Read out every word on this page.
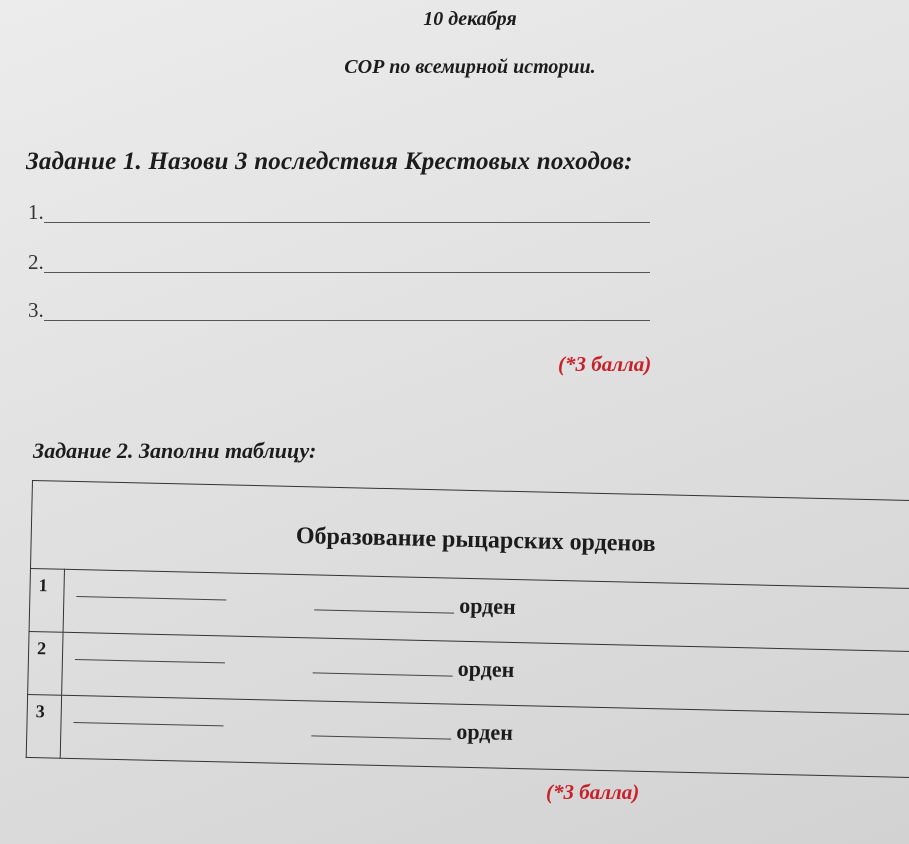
10 декабря
СОР по всемирной истории.
Задание 1. Назови 3 последствия Крестовых походов:
1.
2.
3.
(*3 балла)
Задание 2. Заполни таблицу:
Образование рыцарских орденов	
1	орден

2	орден

3	орден
(*3 балла)
